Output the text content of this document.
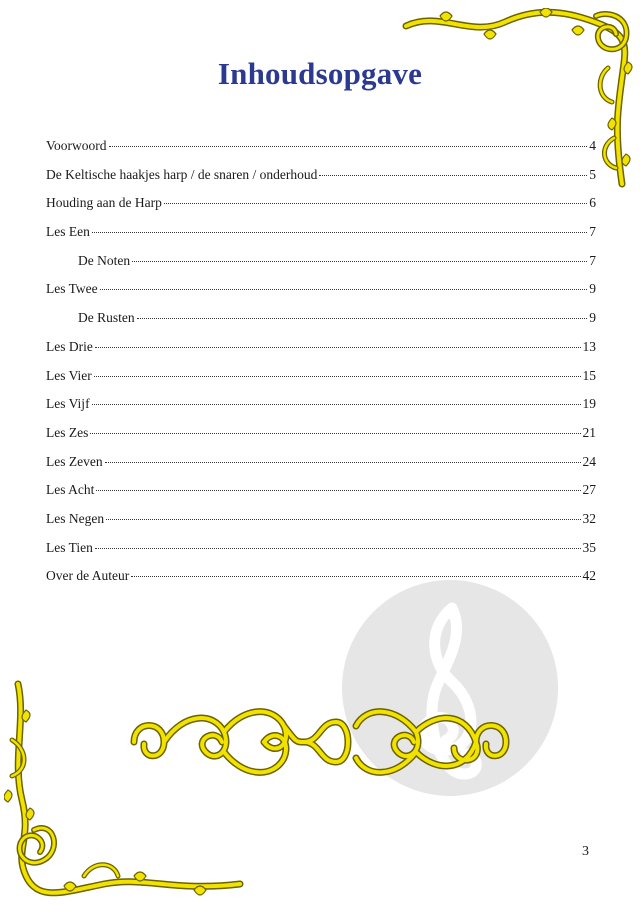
Inhoudsopgave
Voorwoord	4
De Keltische haakjes harp / de snaren / onderhoud	5
Houding aan de Harp	6
Les Een	7
De Noten	7
Les Twee	9
De Rusten	9
Les Drie	13
Les Vier	15
Les Vijf	19
Les Zes	21
Les Zeven	24
Les Acht	27
Les Negen	32
Les Tien	35
Over de Auteur	42
3
